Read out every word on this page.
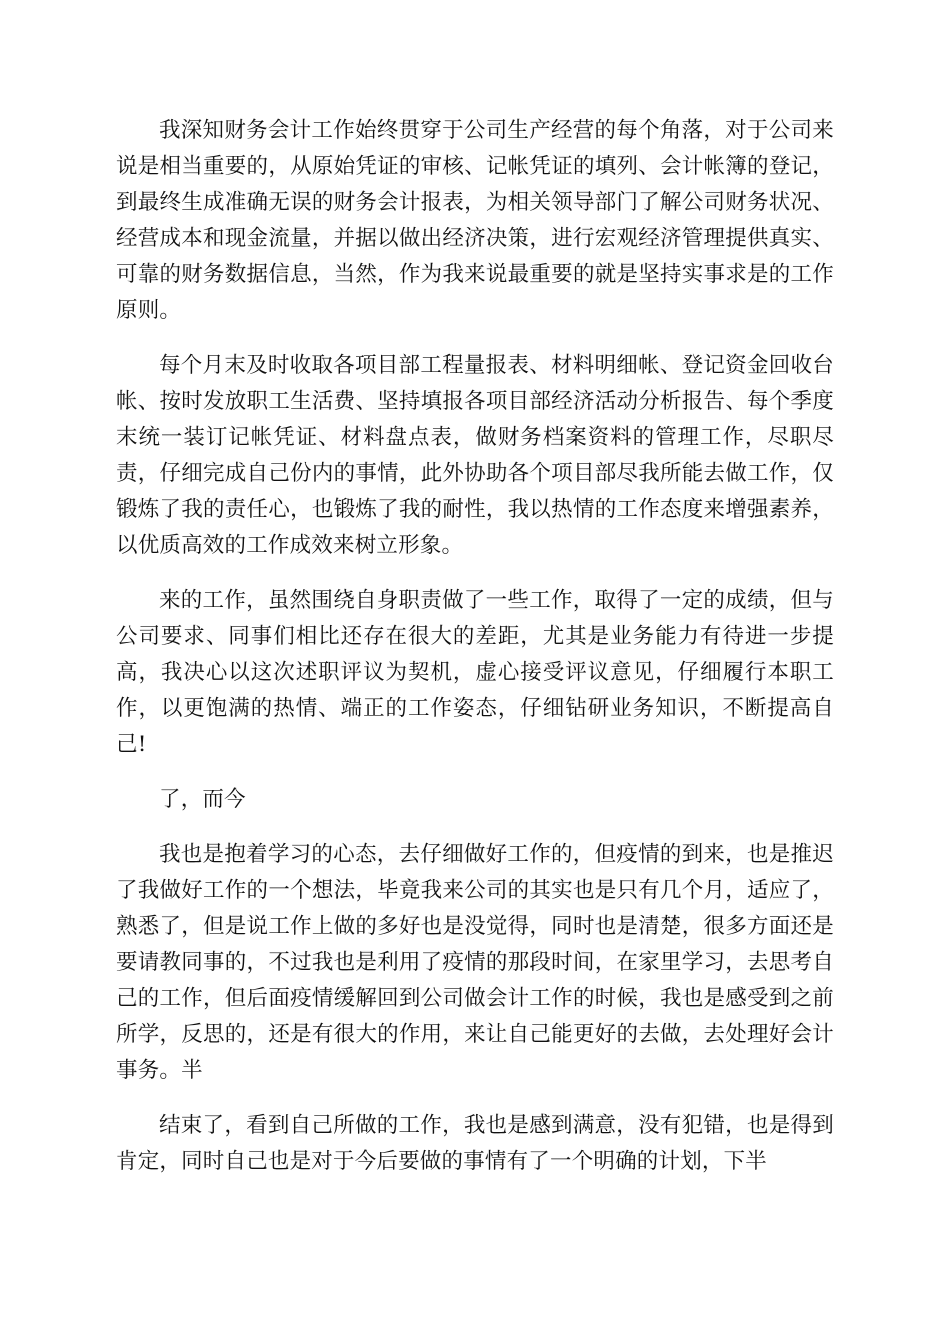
我深知财务会计工作始终贯穿于公司生产经营的每个角落，对于公司来说是相当重要的，从原始凭证的审核、记帐凭证的填列、会计帐簿的登记，到最终生成准确无误的财务会计报表，为相关领导部门了解公司财务状况、经营成本和现金流量，并据以做出经济决策，进行宏观经济管理提供真实、可靠的财务数据信息，当然，作为我来说最重要的就是坚持实事求是的工作原则。

每个月末及时收取各项目部工程量报表、材料明细帐、登记资金回收台帐、按时发放职工生活费、坚持填报各项目部经济活动分析报告、每个季度末统一装订记帐凭证、材料盘点表，做财务档案资料的管理工作，尽职尽责，仔细完成自己份内的事情，此外协助各个项目部尽我所能去做工作，仅锻炼了我的责任心，也锻炼了我的耐性，我以热情的工作态度来增强素养，以优质高效的工作成效来树立形象。

来的工作，虽然围绕自身职责做了一些工作，取得了一定的成绩，但与公司要求、同事们相比还存在很大的差距，尤其是业务能力有待进一步提高，我决心以这次述职评议为契机，虚心接受评议意见，仔细履行本职工作，以更饱满的热情、端正的工作姿态，仔细钻研业务知识，不断提高自己!

了，而今

我也是抱着学习的心态，去仔细做好工作的，但疫情的到来，也是推迟了我做好工作的一个想法，毕竟我来公司的其实也是只有几个月，适应了，熟悉了，但是说工作上做的多好也是没觉得，同时也是清楚，很多方面还是要请教同事的，不过我也是利用了疫情的那段时间，在家里学习，去思考自己的工作，但后面疫情缓解回到公司做会计工作的时候，我也是感受到之前所学，反思的，还是有很大的作用，来让自己能更好的去做，去处理好会计事务。半

结束了，看到自己所做的工作，我也是感到满意，没有犯错，也是得到肯定，同时自己也是对于今后要做的事情有了一个明确的计划，下半
